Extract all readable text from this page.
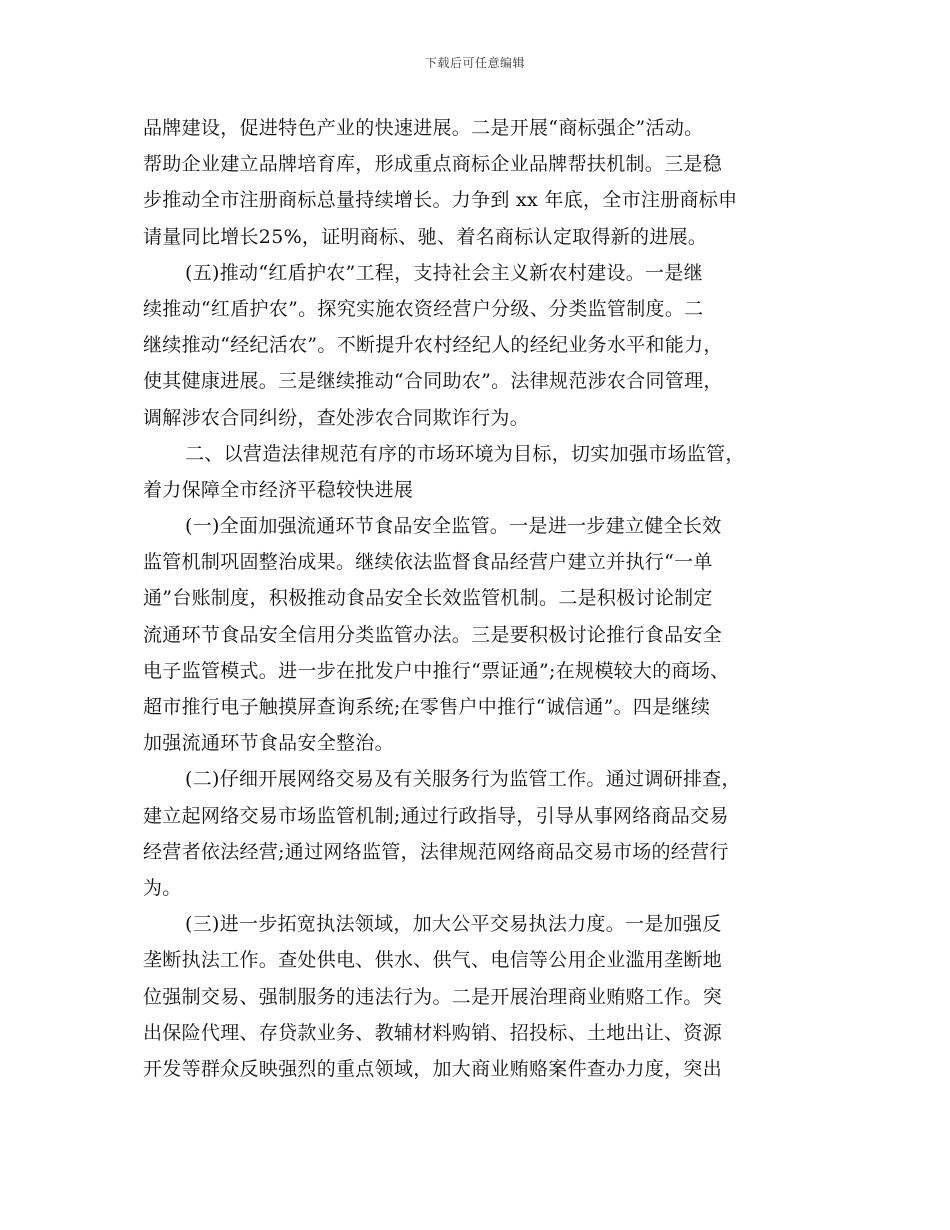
下载后可任意编辑
品牌建设，促进特色产业的快速进展。二是开展“商标强企”活动。
帮助企业建立品牌培育库，形成重点商标企业品牌帮扶机制。三是稳
步推动全市注册商标总量持续增长。力争到 xx 年底，全市注册商标申
请量同比增长25%，证明商标、驰、着名商标认定取得新的进展。
(五)推动“红盾护农”工程，支持社会主义新农村建设。一是继
续推动“红盾护农”。探究实施农资经营户分级、分类监管制度。二
继续推动“经纪活农”。不断提升农村经纪人的经纪业务水平和能力，
使其健康进展。三是继续推动“合同助农”。法律规范涉农合同管理，
调解涉农合同纠纷，查处涉农合同欺诈行为。
二、以营造法律规范有序的市场环境为目标，切实加强市场监管，
着力保障全市经济平稳较快进展
(一)全面加强流通环节食品安全监管。一是进一步建立健全长效
监管机制巩固整治成果。继续依法监督食品经营户建立并执行“一单
通”台账制度，积极推动食品安全长效监管机制。二是积极讨论制定
流通环节食品安全信用分类监管办法。三是要积极讨论推行食品安全
电子监管模式。进一步在批发户中推行“票证通”;在规模较大的商场、
超市推行电子触摸屏查询系统;在零售户中推行“诚信通”。四是继续
加强流通环节食品安全整治。
(二)仔细开展网络交易及有关服务行为监管工作。通过调研排查，
建立起网络交易市场监管机制;通过行政指导，引导从事网络商品交易
经营者依法经营;通过网络监管，法律规范网络商品交易市场的经营行
为。
(三)进一步拓宽执法领域，加大公平交易执法力度。一是加强反
垄断执法工作。查处供电、供水、供气、电信等公用企业滥用垄断地
位强制交易、强制服务的违法行为。二是开展治理商业贿赂工作。突
出保险代理、存贷款业务、教辅材料购销、招投标、土地出让、资源
开发等群众反映强烈的重点领域，加大商业贿赂案件查办力度，突出
